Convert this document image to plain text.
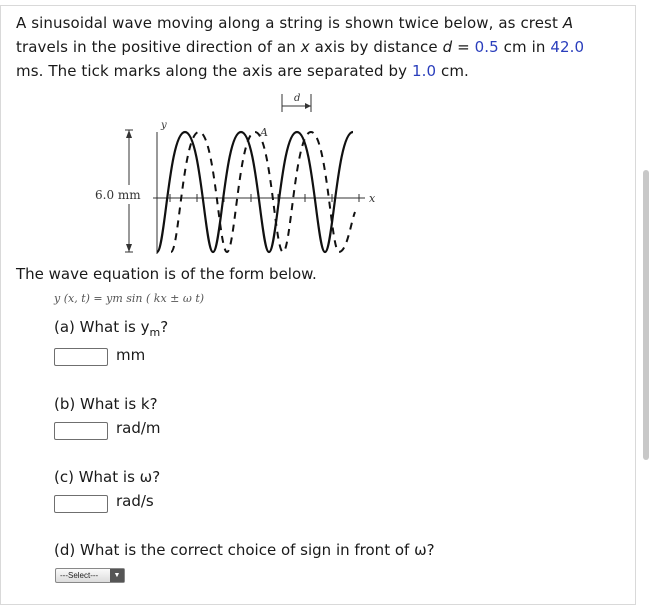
A sinusoidal wave moving along a string is shown twice below, as crest A travels in the positive direction of an x axis by distance d = 0.5 cm in 42.0 ms. The tick marks along the axis are separated by 1.0 cm.
d
6.0 mm
y
x
A
The wave equation is of the form below.
y (x, t) = ym sin ( kx ± ω t)
(a) What is $y_m$?
mm
(b) What is k?
rad/m
(c) What is ω?
rad/s
(d) What is the correct choice of sign in front of ω?
---Select---	▼
